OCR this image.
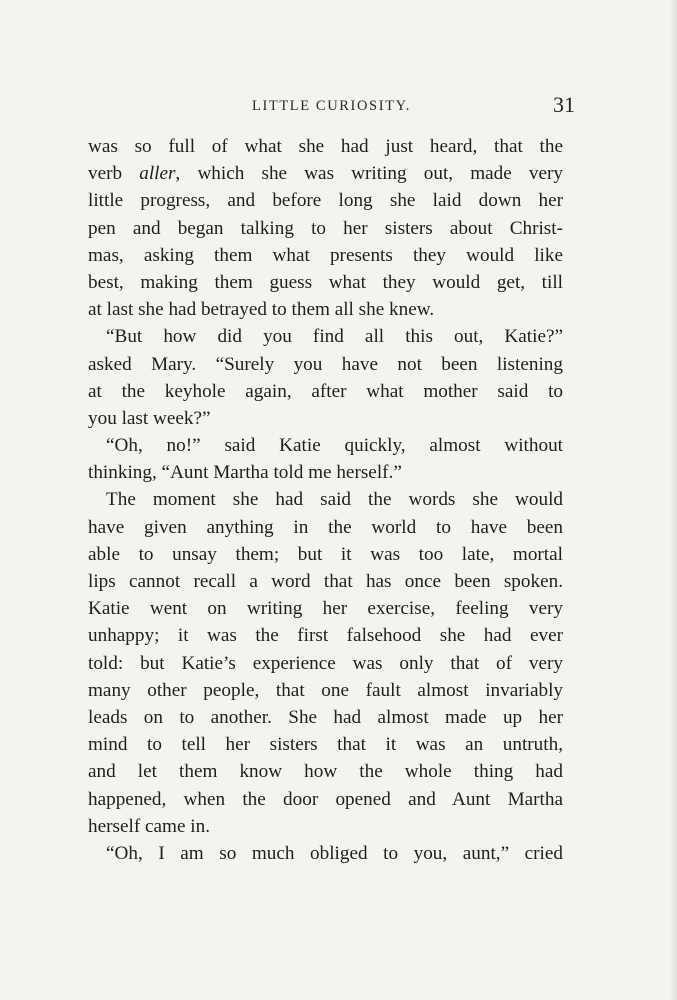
LITTLE CURIOSITY.	31
was so full of what she had just heard, that the
verb aller, which she was writing out, made very
little progress, and before long she laid down her
pen and began talking to her sisters about Christ-
mas, asking them what presents they would like
best, making them guess what they would get, till
at last she had betrayed to them all she knew.
“But how did you find all this out, Katie?”
asked Mary. “Surely you have not been listening
at the keyhole again, after what mother said to
you last week?”
“Oh, no!” said Katie quickly, almost without
thinking, “Aunt Martha told me herself.”
The moment she had said the words she would
have given anything in the world to have been
able to unsay them; but it was too late, mortal
lips cannot recall a word that has once been spoken.
Katie went on writing her exercise, feeling very
unhappy; it was the first falsehood she had ever
told: but Katie’s experience was only that of very
many other people, that one fault almost invariably
leads on to another. She had almost made up her
mind to tell her sisters that it was an untruth,
and let them know how the whole thing had
happened, when the door opened and Aunt Martha
herself came in.
“Oh, I am so much obliged to you, aunt,” cried
